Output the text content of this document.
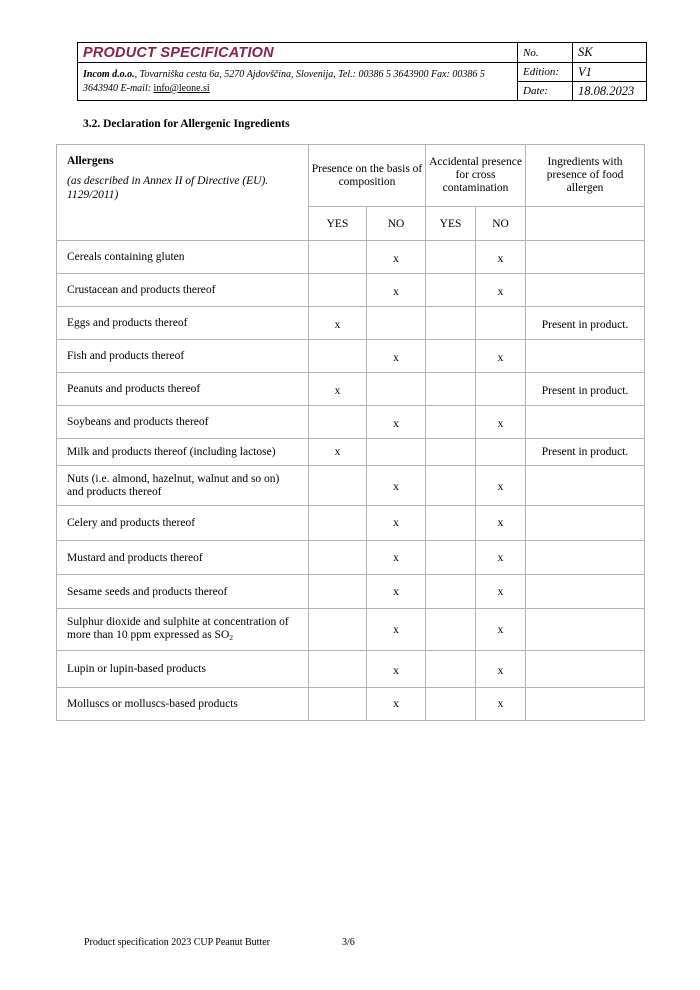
PRODUCT SPECIFICATION	No.	SK
Incom d.o.o., Tovarniška cesta 6a, 5270 Ajdovščina, Slovenija, Tel.: 00386 5 3643900 Fax: 00386 5 3643940 E-mail: info@leone.si	Edition:	V1
	Date:	18.08.2023
3.2. Declaration for Allergenic Ingredients
Allergens
(as described in Annex II of Directive (EU). 1129/2011)	Presence on the basis of composition		Accidental presence for cross contamination		Ingredients with presence of food allergen
	YES	NO	YES	NO	
Cereals containing gluten		x		x	
Crustacean and products thereof		x		x	
Eggs and products thereof	x				Present in product.
Fish and products thereof		x		x	
Peanuts and products thereof	x				Present in product.
Soybeans and products thereof		x		x	
Milk and products thereof (including lactose)	x				Present in product.
Nuts (i.e. almond, hazelnut, walnut and so on) and products thereof		x		x	
Celery and products thereof		x		x	
Mustard and products thereof		x		x	
Sesame seeds and products thereof		x		x	
Sulphur dioxide and sulphite at concentration of more than 10 ppm expressed as $SO_2$		x		x	
Lupin or lupin-based products		x		x	
Molluscs or molluscs-based products		x		x	
Product specification 2023 CUP Peanut Butter	3/6
